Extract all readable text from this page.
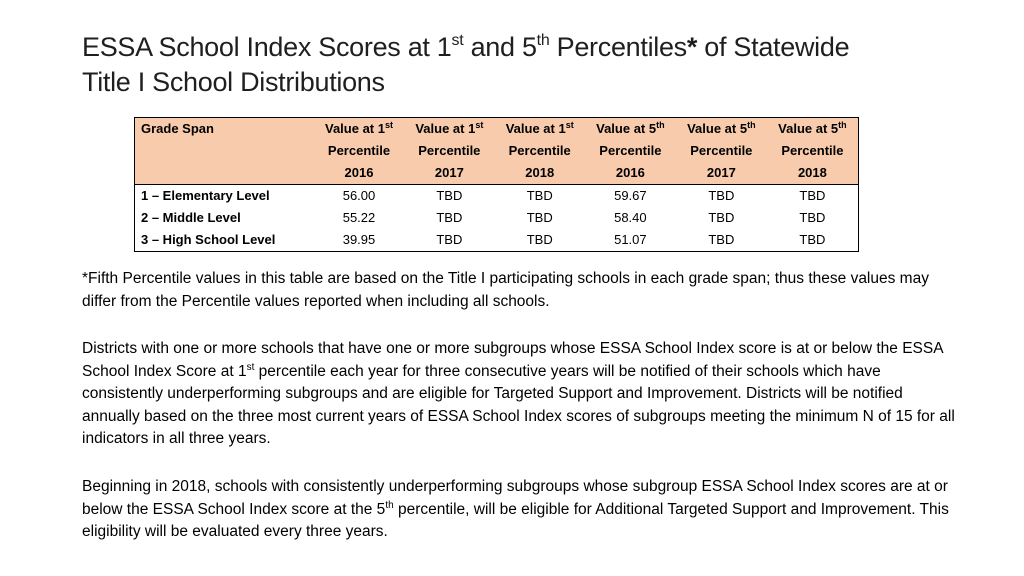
ESSA School Index Scores at 1st and 5th Percentiles* of Statewide
Title I School Distributions
Grade Span	Value at 1st	Value at 1st	Value at 1st	Value at 5th	Value at 5th	Value at 5th
	Percentile	Percentile	Percentile	Percentile	Percentile	Percentile
	2016	2017	2018	2016	2017	2018
1 – Elementary Level	56.00	TBD	TBD	59.67	TBD	TBD
2 – Middle Level	55.22	TBD	TBD	58.40	TBD	TBD
3 – High School Level	39.95	TBD	TBD	51.07	TBD	TBD

*Fifth Percentile values in this table are based on the Title I participating schools in each grade span; thus these values may differ from the Percentile values reported when including all schools.

Districts with one or more schools that have one or more subgroups whose ESSA School Index score is at or below the ESSA School Index Score at 1st percentile each year for three consecutive years will be notified of their schools which have consistently underperforming subgroups and are eligible for Targeted Support and Improvement. Districts will be notified annually based on the three most current years of ESSA School Index scores of subgroups meeting the minimum N of 15 for all indicators in all three years.

Beginning in 2018, schools with consistently underperforming subgroups whose subgroup ESSA School Index scores are at or below the ESSA School Index score at the 5th percentile, will be eligible for Additional Targeted Support and Improvement. This eligibility will be evaluated every three years.
